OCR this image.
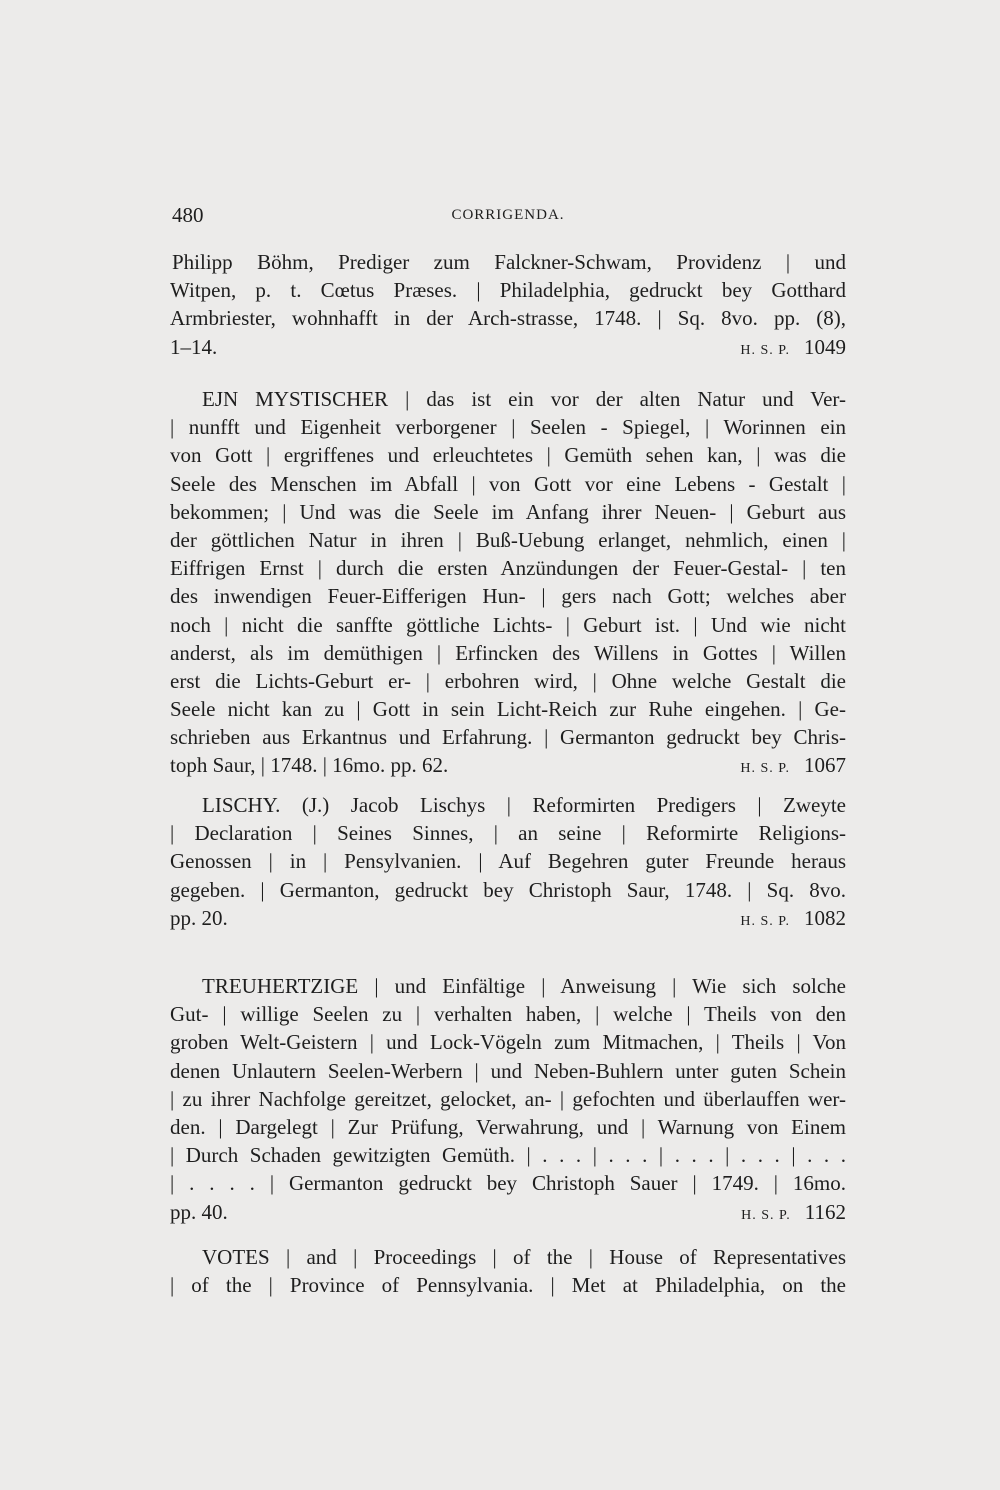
480	CORRIGENDA.
Philipp Böhm, Prediger zum Falckner-Schwam, Providenz | und
Witpen, p. t. Cœtus Præses. | Philadelphia, gedruckt bey Gotthard
Armbriester, wohnhafft in der Arch-strasse, 1748. | Sq. 8vo. pp. (8),
1–14.	H. S. P. 1049
EJN MYSTISCHER | das ist ein vor der alten Natur und Ver-
| nunfft und Eigenheit verborgener | Seelen - Spiegel, | Worinnen ein
von Gott | ergriffenes und erleuchtetes | Gemüth sehen kan, | was die
Seele des Menschen im Abfall | von Gott vor eine Lebens - Gestalt |
bekommen; | Und was die Seele im Anfang ihrer Neuen- | Geburt aus
der göttlichen Natur in ihren | Buß-Uebung erlanget, nehmlich, einen |
Eiffrigen Ernst | durch die ersten Anzündungen der Feuer-Gestal- | ten
des inwendigen Feuer-Eifferigen Hun- | gers nach Gott; welches aber
noch | nicht die sanffte göttliche Lichts- | Geburt ist. | Und wie nicht
anderst, als im demüthigen | Erfincken des Willens in Gottes | Willen
erst die Lichts-Geburt er- | erbohren wird, | Ohne welche Gestalt die
Seele nicht kan zu | Gott in sein Licht-Reich zur Ruhe eingehen. | Ge-
schrieben aus Erkantnus und Erfahrung. | Germanton gedruckt bey Chris-
toph Saur, | 1748. | 16mo. pp. 62.	H. S. P. 1067
LISCHY. (J.) Jacob Lischys | Reformirten Predigers | Zweyte
| Declaration | Seines Sinnes, | an seine | Reformirte Religions-
Genossen | in | Pensylvanien. | Auf Begehren guter Freunde heraus
gegeben. | Germanton, gedruckt bey Christoph Saur, 1748. | Sq. 8vo.
pp. 20.	H. S. P. 1082
TREUHERTZIGE | und Einfältige | Anweisung | Wie sich solche
Gut- | willige Seelen zu | verhalten haben, | welche | Theils von den
groben Welt-Geistern | und Lock-Vögeln zum Mitmachen, | Theils | Von
denen Unlautern Seelen-Werbern | und Neben-Buhlern unter guten Schein
| zu ihrer Nachfolge gereitzet, gelocket, an- | gefochten und überlauffen wer-
den. | Dargelegt | Zur Prüfung, Verwahrung, und | Warnung von Einem
| Durch Schaden gewitzigten Gemüth. | . . . | . . . | . . . | . . . | . . .
| . . . . | Germanton gedruckt bey Christoph Sauer | 1749. | 16mo.
pp. 40.	H. S. P. 1162
VOTES | and | Proceedings | of the | House of Representatives
| of the | Province of Pennsylvania. | Met at Philadelphia, on the
